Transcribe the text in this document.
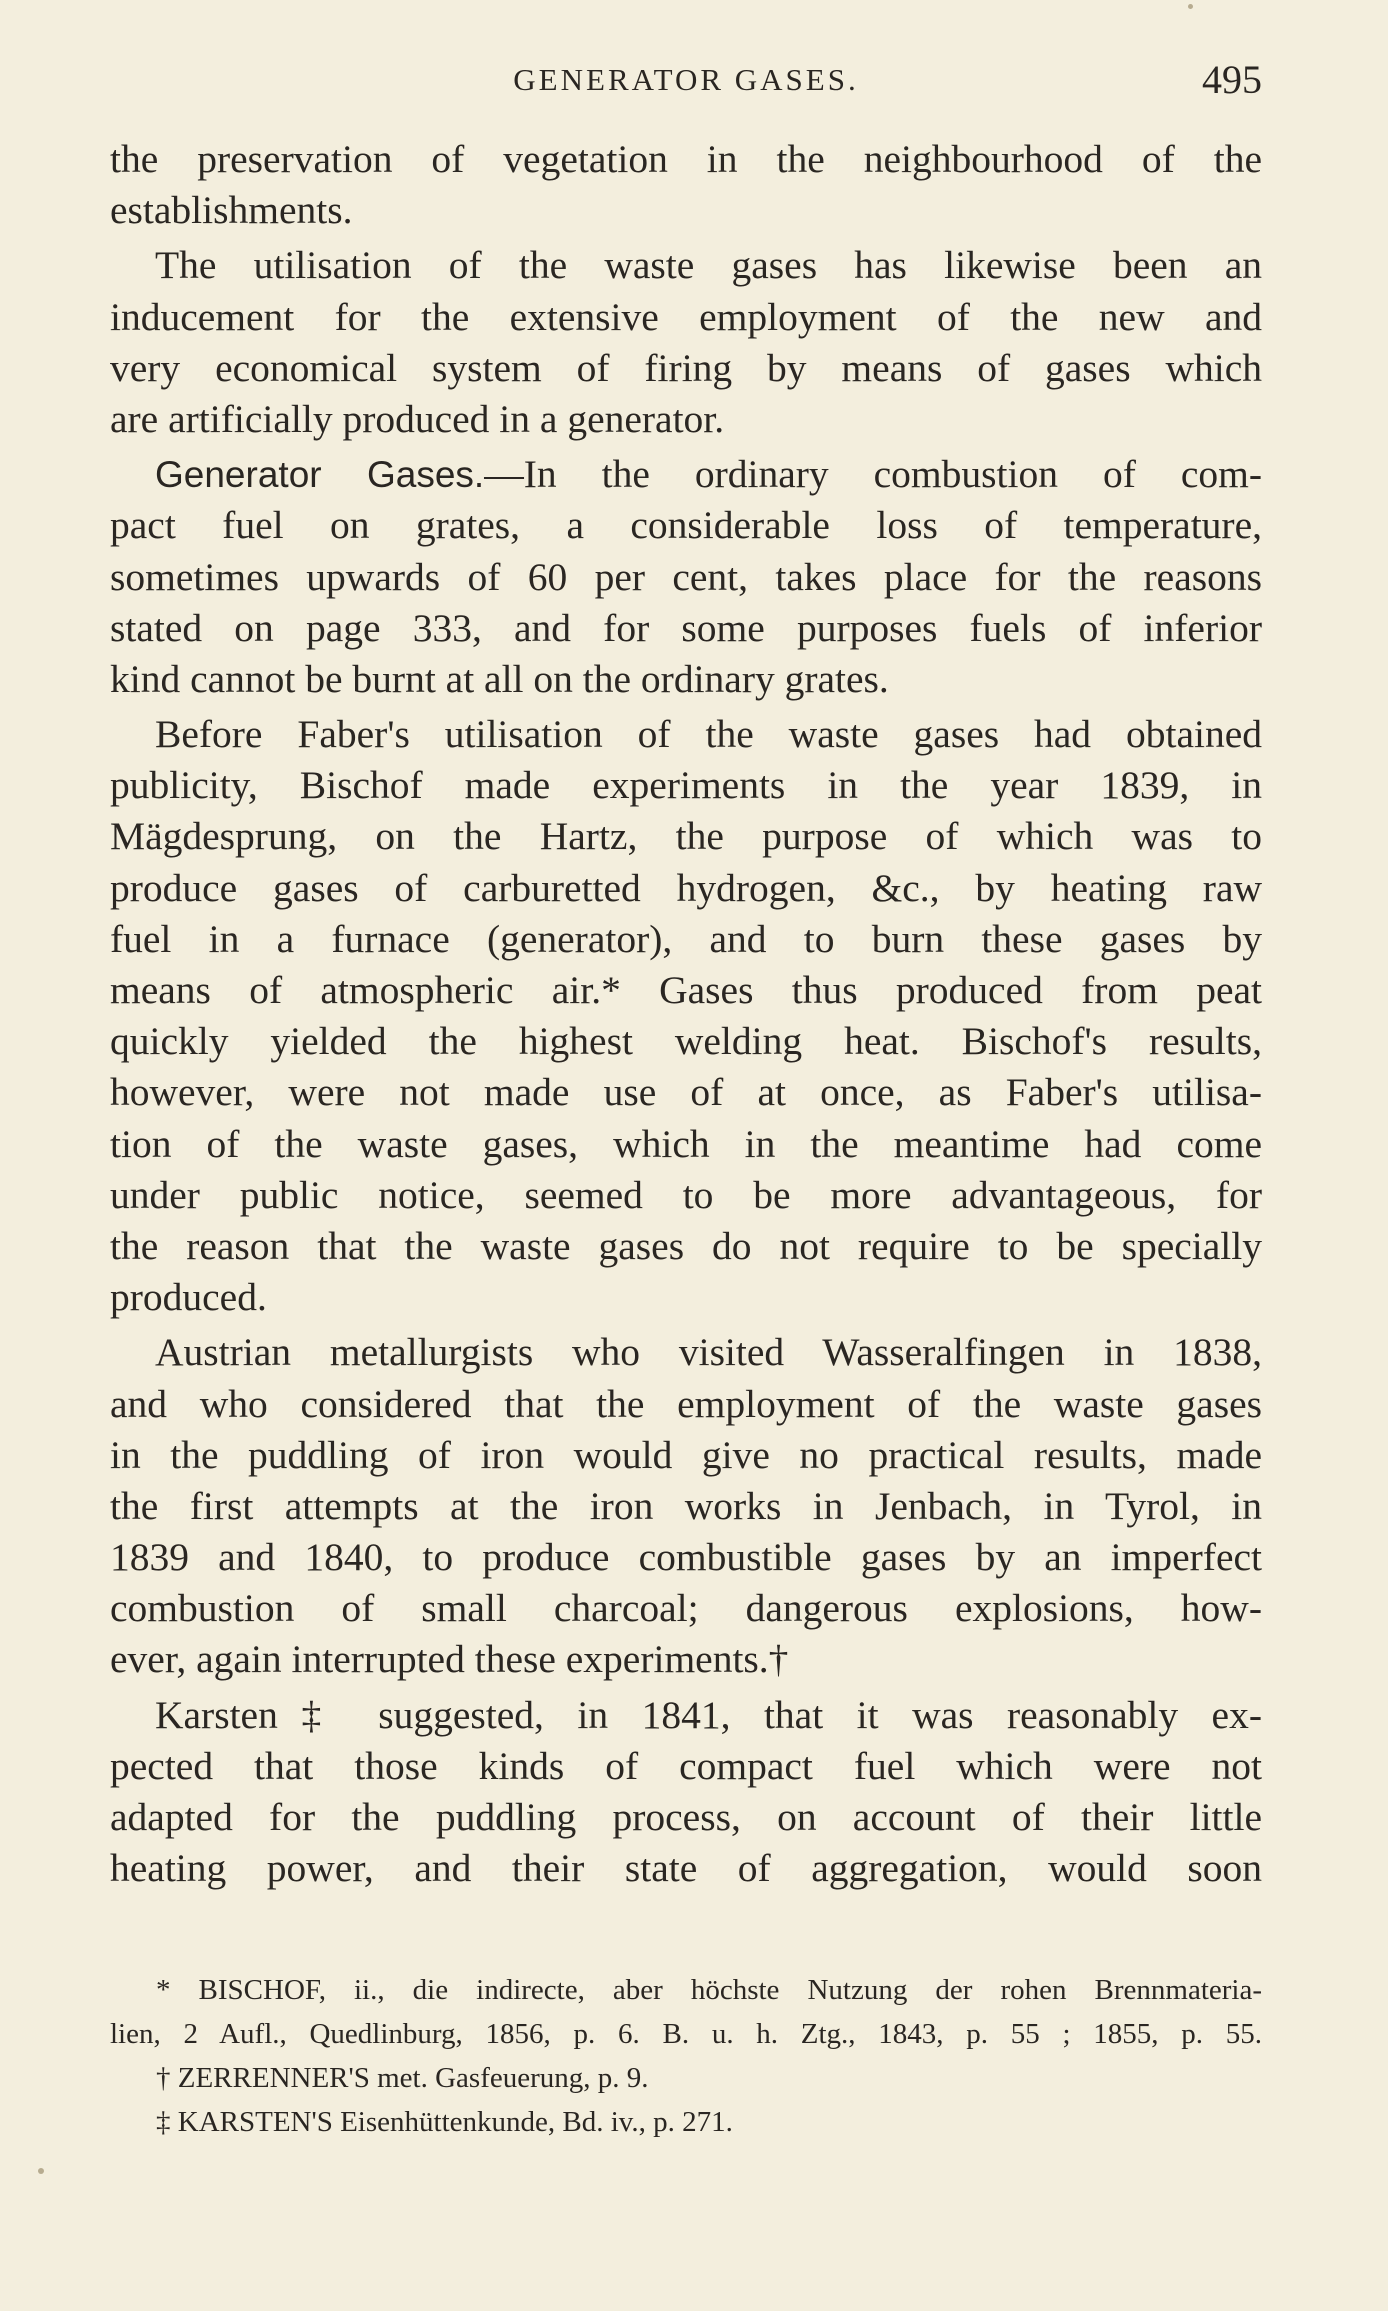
GENERATOR GASES.	495
the preservation of vegetation in the neighbourhood of the
establishments.
The utilisation of the waste gases has likewise been an
inducement for the extensive employment of the new and
very economical system of firing by means of gases which
are artificially produced in a generator.
Generator Gases.—In the ordinary combustion of com-
pact fuel on grates, a considerable loss of temperature,
sometimes upwards of 60 per cent, takes place for the reasons
stated on page 333, and for some purposes fuels of inferior
kind cannot be burnt at all on the ordinary grates.
Before Faber's utilisation of the waste gases had obtained
publicity, Bischof made experiments in the year 1839, in
Mägdesprung, on the Hartz, the purpose of which was to
produce gases of carburetted hydrogen, &c., by heating raw
fuel in a furnace (generator), and to burn these gases by
means of atmospheric air.* Gases thus produced from peat
quickly yielded the highest welding heat. Bischof's results,
however, were not made use of at once, as Faber's utilisa-
tion of the waste gases, which in the meantime had come
under public notice, seemed to be more advantageous, for
the reason that the waste gases do not require to be specially
produced.
Austrian metallurgists who visited Wasseralfingen in 1838,
and who considered that the employment of the waste gases
in the puddling of iron would give no practical results, made
the first attempts at the iron works in Jenbach, in Tyrol, in
1839 and 1840, to produce combustible gases by an imperfect
combustion of small charcoal; dangerous explosions, how-
ever, again interrupted these experiments.†
Karsten‡ suggested, in 1841, that it was reasonably ex-
pected that those kinds of compact fuel which were not
adapted for the puddling process, on account of their little
heating power, and their state of aggregation, would soon
* BISCHOF, ii., die indirecte, aber höchste Nutzung der rohen Brennmateria-
lien, 2 Aufl., Quedlinburg, 1856, p. 6. B. u. h. Ztg., 1843, p. 55 ; 1855, p. 55.
† ZERRENNER'S met. Gasfeuerung, p. 9.
‡ KARSTEN'S Eisenhüttenkunde, Bd. iv., p. 271.
